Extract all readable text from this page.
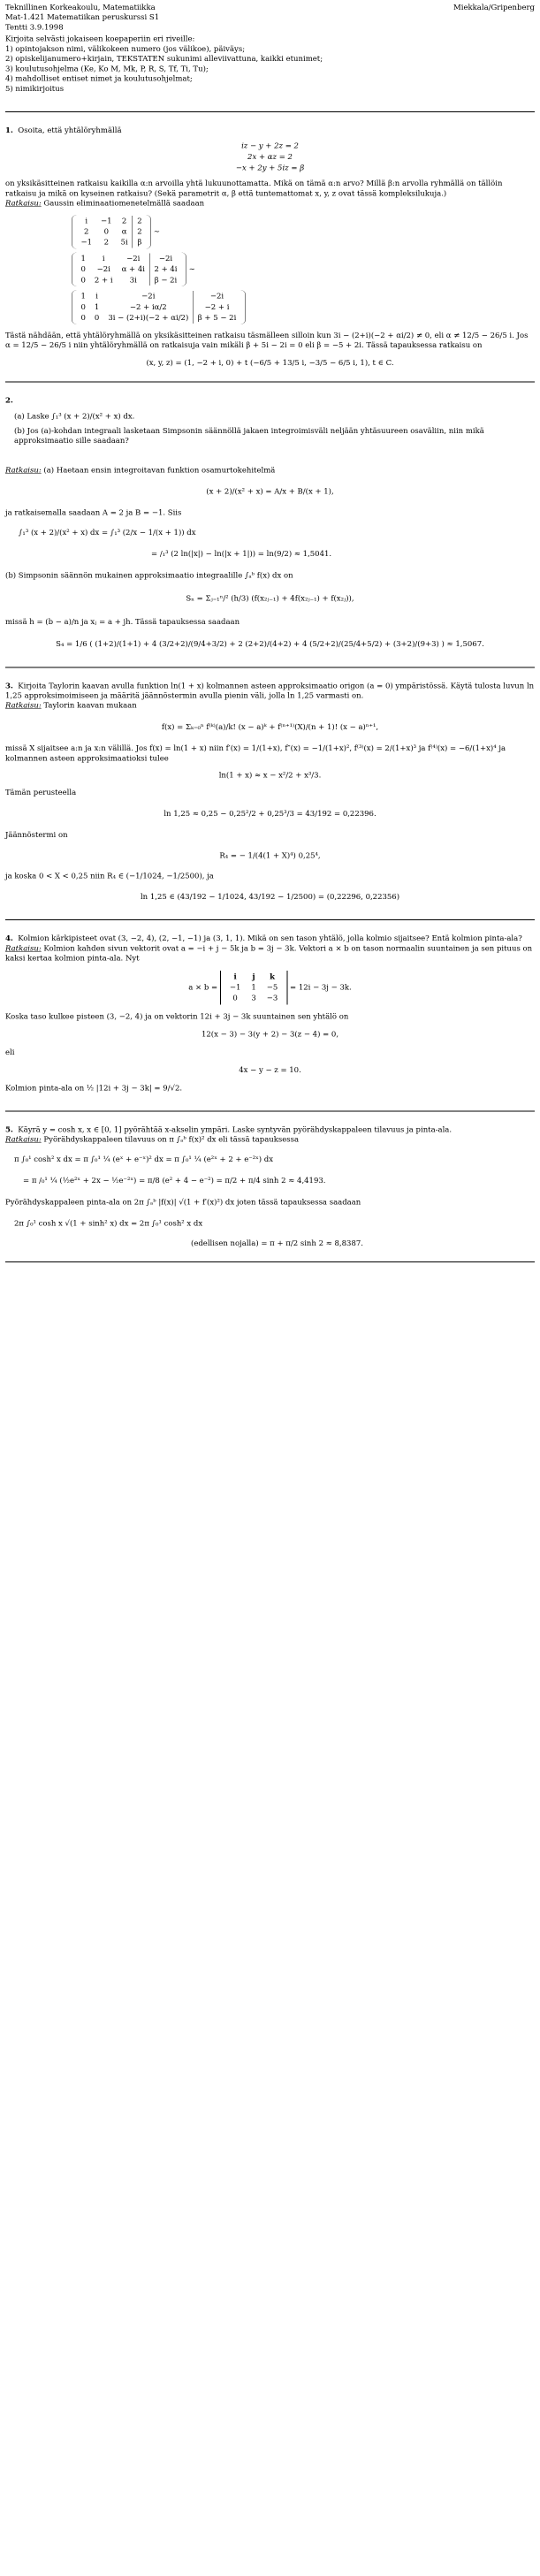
Teknillinen Korkeakoulu, Matematiikka	Miekkala/Gripenberg
Mat-1.421 Matematiikan peruskurssi S1
Tentti 3.9.1998
Kirjoita selvästi jokaiseen koepaperiin eri riveille:
1) opintojakson nimi, välikokeen numero (jos välikoe), päiväys;
2) opiskelijanumero+kirjain, TEKSTATEN sukunimi alleviivattuna, kaikki etunimet;
3) koulutusohjelma (Ke, Ko M, Mk, P, R, S, Tf, Ti, Tu);
4) mahdolliset entiset nimet ja koulutusohjelmat;
5) nimikirjoitus

1. Osoita, että yhtälöryhmällä

iz − y + 2z = 2
2x + αz = 2
−x + 2y + 5iz = β

on yksikäsitteinen ratkaisu kaikilla α:n arvoilla yhtä lukuunottamatta. Mikä on tämä α:n arvo? Millä β:n arvolla ryhmällä on tällöin ratkaisu ja mikä on kyseinen ratkaisu? (Sekä parametrit α, β että tuntemattomat x, y, z ovat tässä kompleksilukuja.)

Ratkaisu: Gaussin eliminaatiomenetelmällä saadaan

i	−1	2	2
2	0	α	2
−1	2	5i	β
∼
1	i	−2i	−2i
0	−2i	α + 4i	2 + 4i
0	2 + i	3i	β − 2i
∼
1	i	−2i	−2i
0	1	−2 + iα/2	−2 + i
0	0	3i − (2+i)(−2 + αi/2)	β + 5 − 2i

Tästä nähdään, että yhtälöryhmällä on yksikäsitteinen ratkaisu täsmälleen silloin kun 3i − (2+i)(−2 + αi/2) ≠ 0, eli α ≠ 12/5 − 26/5 i. Jos α = 12/5 − 26/5 i niin yhtälöryhmällä on ratkaisuja vain mikäli β + 5i − 2i = 0 eli β = −5 + 2i. Tässä tapauksessa ratkaisu on

(x, y, z) = (1, −2 + i, 0) + t (−6/5 + 13/5 i, −3/5 − 6/5 i, 1), t ∈ C.

2.

(a) Laske ∫₁³ (x + 2)/(x² + x) dx.

(b) Jos (a)-kohdan integraali lasketaan Simpsonin säännöllä jakaen integroimisväli neljään yhtäsuureen osaväliin, niin mikä approksimaatio sille saadaan?

Ratkaisu: (a) Haetaan ensin integroitavan funktion osamurtokehitelmä

(x + 2)/(x² + x) = A/x + B/(x + 1),

ja ratkaisemalla saadaan A = 2 ja B = −1. Siis

∫₁³ (x + 2)/(x² + x) dx = ∫₁³ (2/x − 1/(x + 1)) dx
= /₁³ (2 ln(|x|) − ln(|x + 1|)) = ln(9/2) ≈ 1,5041.

(b) Simpsonin säännön mukainen approksimaatio integraalille ∫ₐᵇ f(x) dx on

Sₙ = Σⱼ₌₁ⁿ/² (h/3) (f(x₂ⱼ₋₁) + 4f(x₂ⱼ₋₁) + f(x₂ⱼ)),

missä h = (b − a)/n ja xⱼ = a + jh. Tässä tapauksessa saadaan

S₄ = 1/6 ( (1+2)/(1+1) + 4 (3/2+2)/(9/4+3/2) + 2 (2+2)/(4+2) + 4 (5/2+2)/(25/4+5/2) + (3+2)/(9+3) ) ≈ 1,5067.

3. Kirjoita Taylorin kaavan avulla funktion ln(1 + x) kolmannen asteen approksimaatio origon (a = 0) ympäristössä. Käytä tulosta luvun ln 1,25 approksimoimiseen ja määritä jäännöstermin avulla pienin väli, jolla ln 1,25 varmasti on.

Ratkaisu: Taylorin kaavan mukaan

f(x) = Σₖ₌₀ⁿ f⁽ᵏ⁾(a)/k! (x − a)ᵏ + f⁽ⁿ⁺¹⁾(X)/(n + 1)! (x − a)ⁿ⁺¹,

missä X sijaitsee a:n ja x:n välillä. Jos f(x) = ln(1 + x) niin f′(x) = 1/(1+x), f″(x) = −1/(1+x)², f⁽³⁾(x) = 2/(1+x)³ ja f⁽⁴⁾(x) = −6/(1+x)⁴ ja kolmannen asteen approksimaatioksi tulee

ln(1 + x) ≈ x − x²/2 + x³/3.

Tämän perusteella

ln 1,25 ≈ 0,25 − 0,25²/2 + 0,25³/3 = 43/192 = 0,22396.

Jäännöstermi on

R₄ = − 1/(4(1 + X)⁴) 0,25⁴,

ja koska 0 < X < 0,25 niin R₄ ∈ (−1/1024, −1/2500), ja

ln 1,25 ∈ (43/192 − 1/1024, 43/192 − 1/2500) = (0,22296, 0,22356)

4. Kolmion kärkipisteet ovat (3, −2, 4), (2, −1, −1) ja (3, 1, 1). Mikä on sen tason yhtälö, jolla kolmio sijaitsee? Entä kolmion pinta-ala?

Ratkaisu: Kolmion kahden sivun vektorit ovat a = −i + j − 5k ja b = 3j − 3k. Vektori a × b on tason normaalin suuntainen ja sen pituus on kaksi kertaa kolmion pinta-ala. Nyt

a × b =
i	j	k
−1	1	−5
0	3	−3
= 12i − 3j − 3k.

Koska taso kulkee pisteen (3, −2, 4) ja on vektorin 12i + 3j − 3k suuntainen sen yhtälö on

12(x − 3) − 3(y + 2) − 3(z − 4) = 0,

eli

4x − y − z = 10.

Kolmion pinta-ala on ½ |12i + 3j − 3k| = 9/√2.

5. Käyrä y = cosh x, x ∈ [0, 1] pyörähtää x-akselin ympäri. Laske syntyvän pyörähdyskappaleen tilavuus ja pinta-ala.

Ratkaisu: Pyörähdyskappaleen tilavuus on π ∫ₐᵇ f(x)² dx eli tässä tapauksessa

π ∫₀¹ cosh² x dx = π ∫₀¹ ¼ (eˣ + e⁻ˣ)² dx = π ∫₀¹ ¼ (e²ˣ + 2 + e⁻²ˣ) dx
= π /₀¹ ¼ (½e²ˣ + 2x − ½e⁻²ˣ) = π/8 (e² + 4 − e⁻²) = π/2 + π/4 sinh 2 ≈ 4,4193.

Pyörähdyskappaleen pinta-ala on 2π ∫ₐᵇ |f(x)| √(1 + f′(x)²) dx joten tässä tapauksessa saadaan

2π ∫₀¹ cosh x √(1 + sinh² x) dx = 2π ∫₀¹ cosh² x dx
(edellisen nojalla) = π + π/2 sinh 2 ≈ 8,8387.
